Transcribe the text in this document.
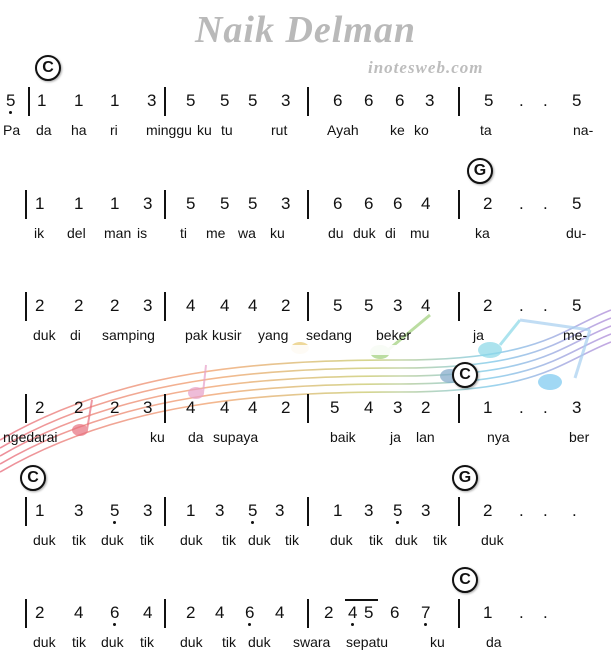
Naik Delman
inotesweb.com
C
5 1 1 1 3 5 5 5 3	6 6 6 3	5 . . 5
Pa da ha ri minggu ku tu	rut	Ayah ke ko	ta	na-
G
1 1 1 3 5 5 5 3	6 6 6 4	2 . . 5
ik del man is ti me wa ku	du duk di mu	ka	du-
2 2 2 3 4 4 4 2	5 5 3 4	2 . . 5
duk di samping pak kusir yang sedang beker	ja	me-
C
2 2 2 3 4 4 4 2 5 4 3 2	1 . . 3
ngedarai	ku da supaya	baik ja lan	nya	ber
C	G
1 3 5 3 1 3 5 3	1 3 5 3	2 . . .
duk tik duk tik duk tik duk tik duk tik duk tik duk
C
2 4 6 4 2 4 6 4 2 4 5 6 7	1 . .
duk tik duk tik duk tik duk swara sepatu	ku	da
